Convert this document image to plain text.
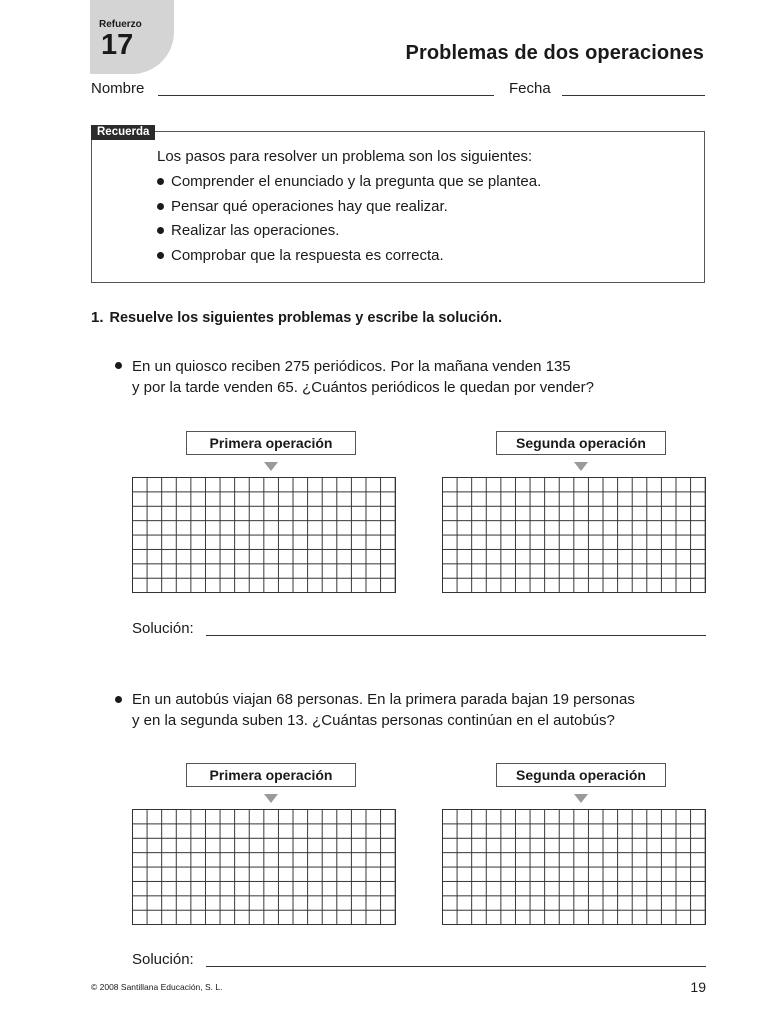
Refuerzo
17	Problemas de dos operaciones
Nombre	Fecha
Recuerda
Los pasos para resolver un problema son los siguientes:
Comprender el enunciado y la pregunta que se plantea.
Pensar qué operaciones hay que realizar.
Realizar las operaciones.
Comprobar que la respuesta es correcta.
1. Resuelve los siguientes problemas y escribe la solución.
En un quiosco reciben 275 periódicos. Por la mañana venden 135
y por la tarde venden 65. ¿Cuántos periódicos le quedan por vender?
Primera operación	Segunda operación
Solución:
En un autobús viajan 68 personas. En la primera parada bajan 19 personas
y en la segunda suben 13. ¿Cuántas personas continúan en el autobús?
Primera operación	Segunda operación
Solución:
© 2008 Santillana Educación, S. L.	19
